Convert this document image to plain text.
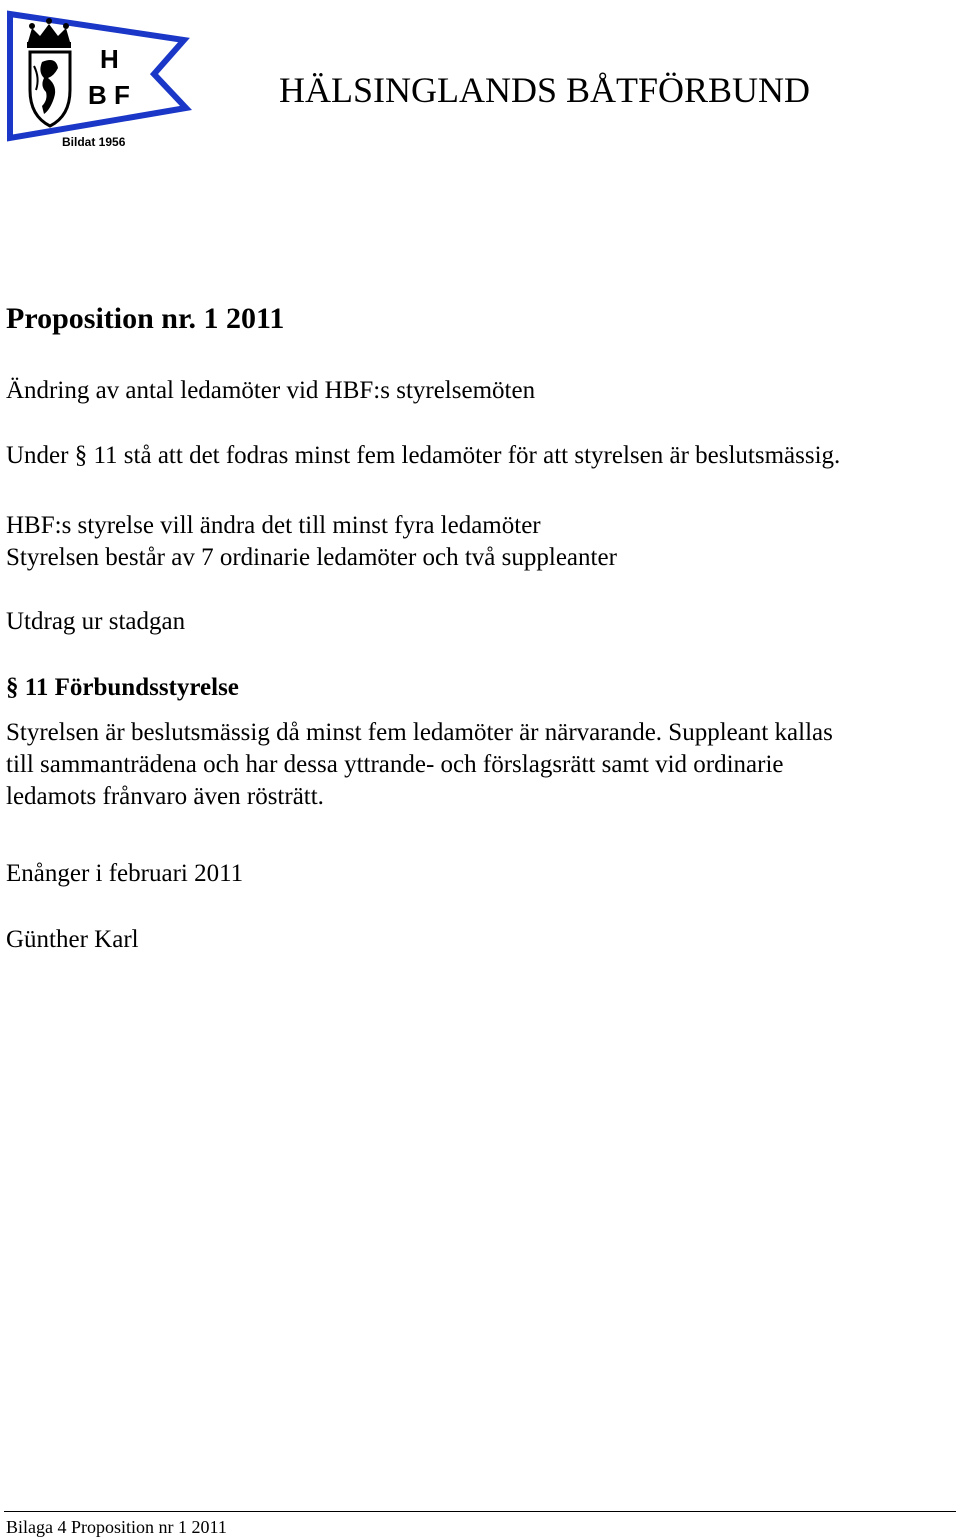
H
B F
Bildat 1956
HÄLSINGLANDS BÅTFÖRBUND
Proposition nr. 1 2011
Ändring av antal ledamöter vid HBF:s styrelsemöten
Under § 11 stå att det fodras minst fem ledamöter för att styrelsen är beslutsmässig.
HBF:s styrelse vill ändra det till minst fyra ledamöter
Styrelsen består av 7 ordinarie ledamöter och två suppleanter
Utdrag ur stadgan
§ 11 Förbundsstyrelse
Styrelsen är beslutsmässig då minst fem ledamöter är närvarande. Suppleant kallas
till sammanträdena och har dessa yttrande- och förslagsrätt samt vid ordinarie
ledamots frånvaro även rösträtt.
Enånger i februari 2011
Günther Karl
Bilaga 4 Proposition nr 1 2011
